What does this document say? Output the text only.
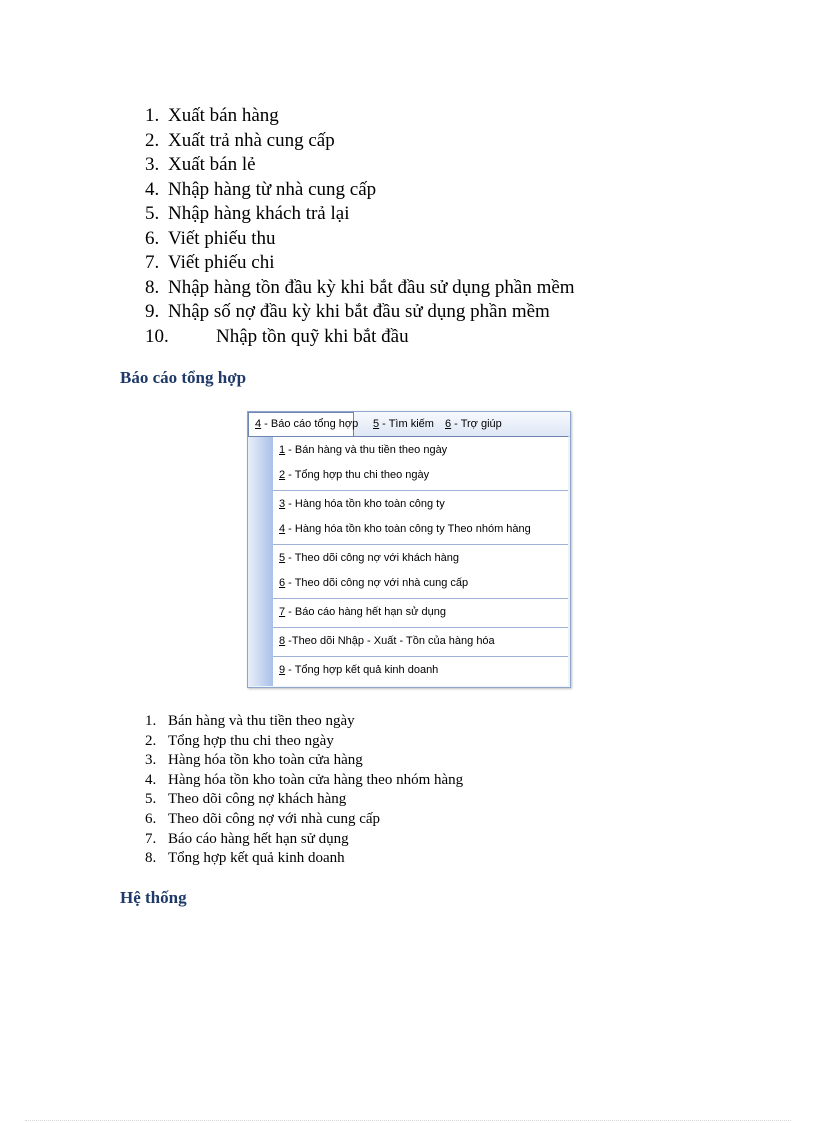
1. Xuất bán hàng
2. Xuất trả nhà cung cấp
3. Xuất bán lẻ
4. Nhập hàng từ nhà cung cấp
5. Nhập hàng khách trả lại
6. Viết phiếu thu
7. Viết phiếu chi
8. Nhập hàng tồn đầu kỳ khi bắt đầu sử dụng phần mềm
9. Nhập số nợ đầu kỳ khi bắt đầu sử dụng phần mềm
10. Nhập tồn quỹ khi bắt đầu
Báo cáo tổng hợp
4 - Báo cáo tổng hợp	5 - Tìm kiếm	6 - Trợ giúp
1 - Bán hàng và thu tiền theo ngày
2 - Tổng hợp thu chi theo ngày
3 - Hàng hóa tồn kho toàn công ty
4 - Hàng hóa tồn kho toàn công ty Theo nhóm hàng
5 - Theo dõi công nợ với khách hàng
6 - Theo dõi công nợ với nhà cung cấp
7 - Báo cáo hàng hết hạn sử dụng
8 -Theo dõi Nhập - Xuất - Tồn của hàng hóa
9 - Tổng hợp kết quả kinh doanh
1. Bán hàng và thu tiền theo ngày
2. Tổng hợp thu chi theo ngày
3. Hàng hóa tồn kho toàn cửa hàng
4. Hàng hóa tồn kho toàn cửa hàng theo nhóm hàng
5. Theo dõi công nợ khách hàng
6. Theo dõi công nợ với nhà cung cấp
7. Báo cáo hàng hết hạn sử dụng
8. Tổng hợp kết quả kinh doanh
Hệ thống
